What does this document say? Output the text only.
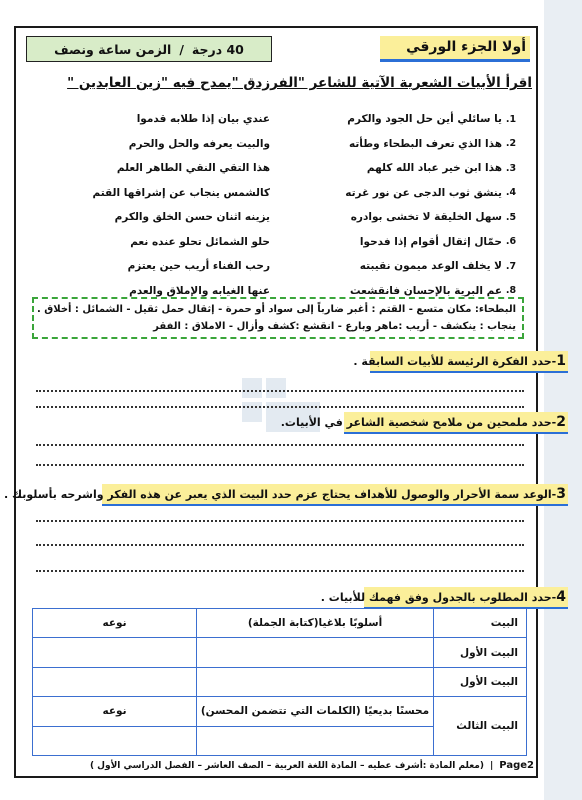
40 درجة
/
الزمن ساعة ونصف	أولا الجزء الورقي
اقرأ الأبيات الشعرية الآتية للشاعر "الفرزدق "يمدح فيه "زين العابدين "
1.
يا سائلي أين حل الجود والكرم
عندي بيان إذا طلابه قدموا
2.
هذا الذي تعرف البطحاء وطأته
والبيت يعرفه والحل والحرم
3.
هذا ابن خير عباد الله كلهم
هذا التقي النقي الطاهر العلم
4.
ينشق ثوب الدجى عن نور غرته
كالشمس ينجاب عن إشراقها القتم
5.
سهل الخليقة لا تخشى بوادره
يزينه اثنان حسن الخلق والكرم
6.
حمّال إثقال أقوام إذا فدحوا
حلو الشمائل تحلو عنده نعم
7.
لا يخلف الوعد ميمون نقيبته
رحب الفناء أريب حين يعتزم
8.
عم البرية بالإحسان فانقشعت
عنها الغيابه والإملاق والعدم
البطحاء: مكان متسع - القتم : أغبر ضارباً إلى سواد أو حمرة - إثقال حمل ثقيل - الشمائل : أخلاق .
ينجاب : ينكشف - أريب :ماهر وبارع - انقشع :كشف وأزال - الاملاق : الفقر
1-حدد الفكرة الرئيسة للأبيات السابقة .
2-حدد ملمحين من ملامح شخصية الشاعر في الأبيات.
3-الوعد سمة الأحرار والوصول للأهداف يحتاج عزم حدد البيت الذي يعبر عن هذه الفكر واشرحه بأسلوبك .
4-حدد المطلوب بالجدول وفق فهمك للأبيات .
البيت	أسلوبًا بلاغيا(كتابة الجملة)	نوعه
البيت الأول		
البيت الأول		
البيت الثالث	محسنًا بديعيًا (الكلمات التي تتضمن المحسن)	نوعه

Page2
|
(معلم المادة :أشرف عطيه – المادة اللغة العربية – الصف العاشر – الفصل الدراسي الأول )
